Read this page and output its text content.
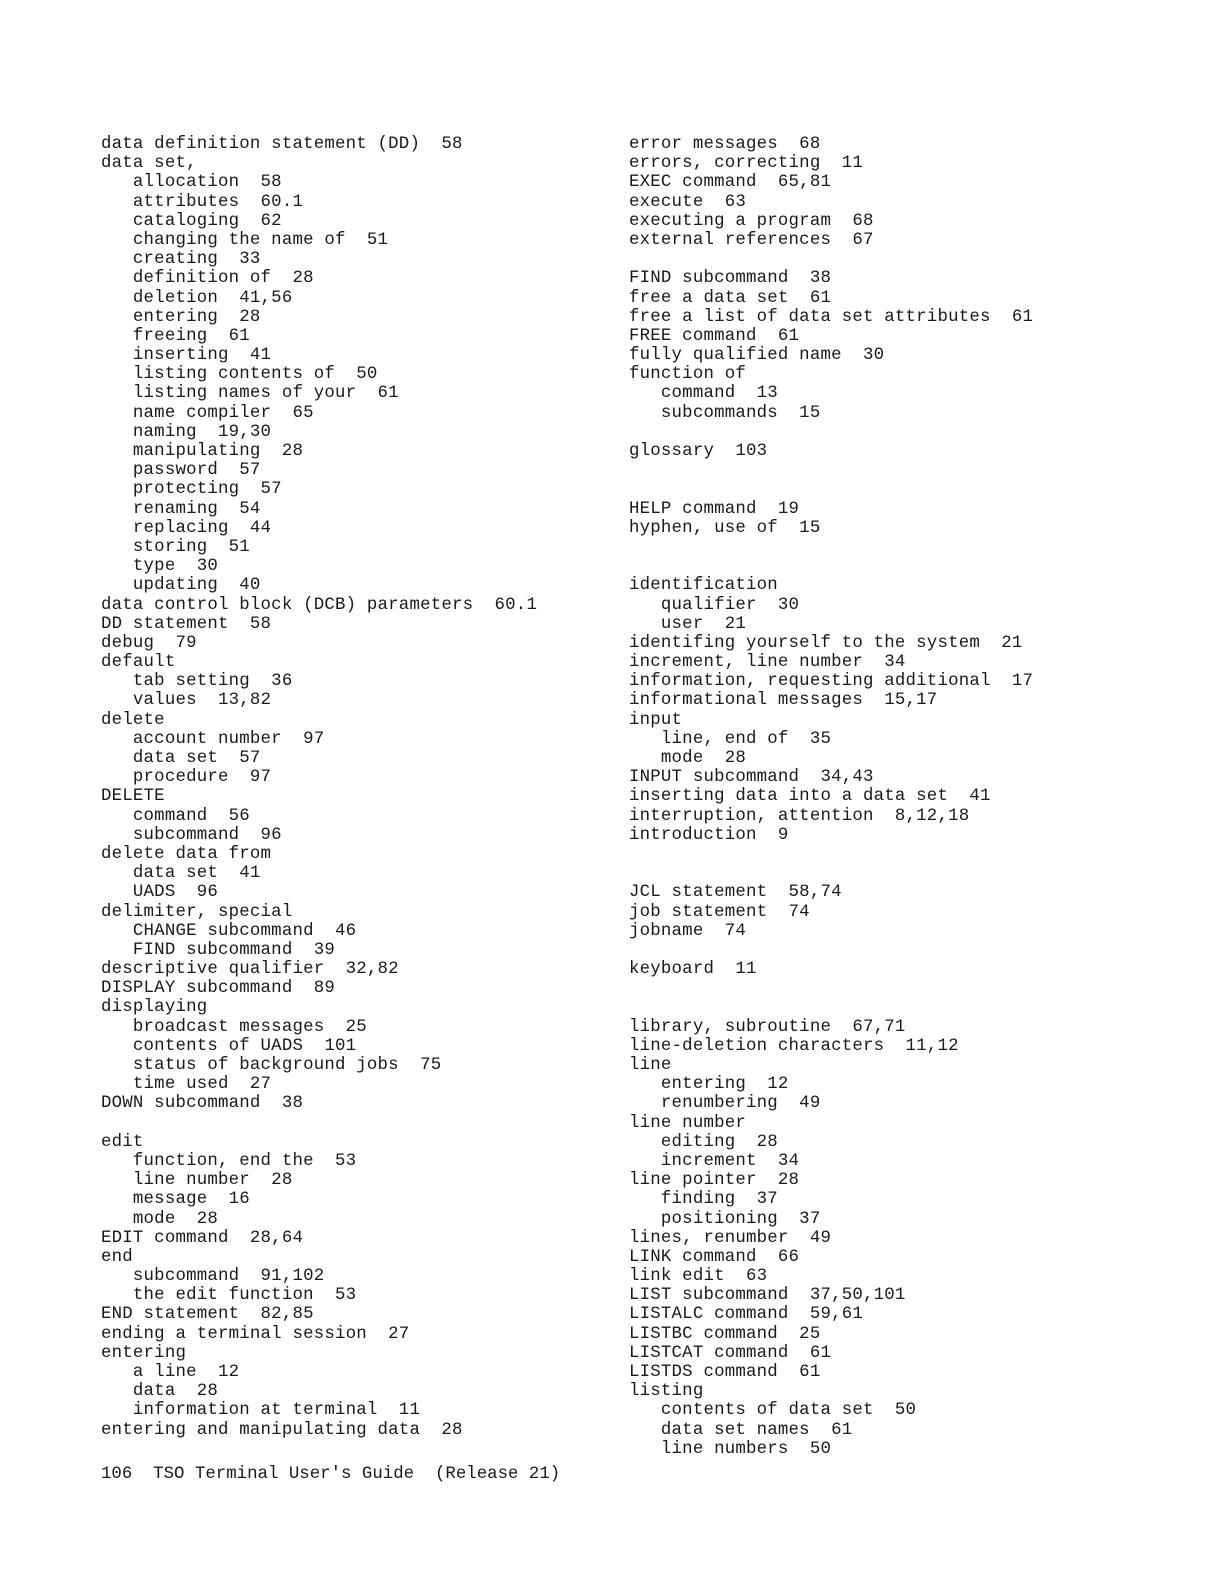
data definition statement (DD)  58
data set,
allocation  58
attributes  60.1
cataloging  62
changing the name of  51
creating  33
definition of  28
deletion  41,56
entering  28
freeing  61
inserting  41
listing contents of  50
listing names of your  61
name compiler  65
naming  19,30
manipulating  28
password  57
protecting  57
renaming  54
replacing  44
storing  51
type  30
updating  40
data control block (DCB) parameters  60.1
DD statement  58
debug  79
default
tab setting  36
values  13,82
delete
account number  97
data set  57
procedure  97
DELETE
command  56
subcommand  96
delete data from
data set  41
UADS  96
delimiter, special
CHANGE subcommand  46
FIND subcommand  39
descriptive qualifier  32,82
DISPLAY subcommand  89
displaying
broadcast messages  25
contents of UADS  101
status of background jobs  75
time used  27
DOWN subcommand  38
edit
function, end the  53
line number  28
message  16
mode  28
EDIT command  28,64
end
subcommand  91,102
the edit function  53
END statement  82,85
ending a terminal session  27
entering
a line  12
data  28
information at terminal  11
entering and manipulating data  28
error messages  68
errors, correcting  11
EXEC command  65,81
execute  63
executing a program  68
external references  67
FIND subcommand  38
free a data set  61
free a list of data set attributes  61
FREE command  61
fully qualified name  30
function of
command  13
subcommands  15
glossary  103
HELP command  19
hyphen, use of  15
identification
qualifier  30
user  21
identifing yourself to the system  21
increment, line number  34
information, requesting additional  17
informational messages  15,17
input
line, end of  35
mode  28
INPUT subcommand  34,43
inserting data into a data set  41
interruption, attention  8,12,18
introduction  9
JCL statement  58,74
job statement  74
jobname  74
keyboard  11
library, subroutine  67,71
line-deletion characters  11,12
line
entering  12
renumbering  49
line number
editing  28
increment  34
line pointer  28
finding  37
positioning  37
lines, renumber  49
LINK command  66
link edit  63
LIST subcommand  37,50,101
LISTALC command  59,61
LISTBC command  25
LISTCAT command  61
LISTDS command  61
listing
contents of data set  50
data set names  61
line numbers  50
106  TSO Terminal User's Guide  (Release 21)
